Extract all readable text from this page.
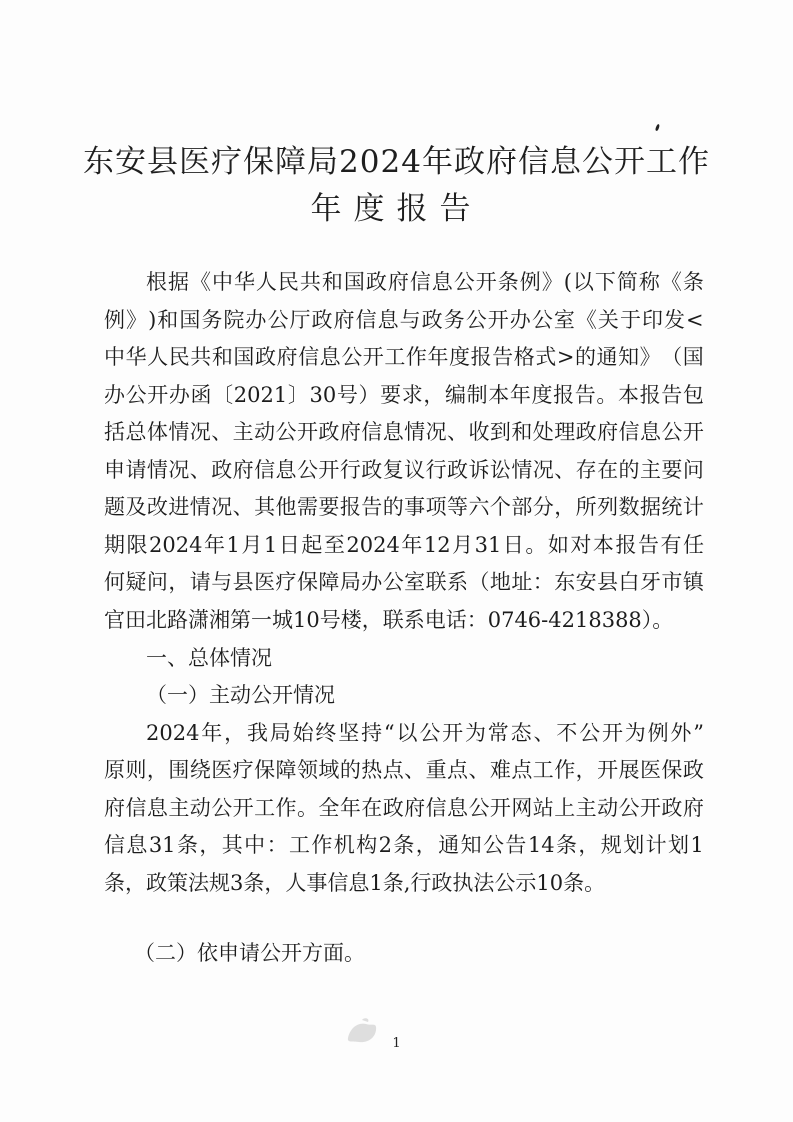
东安县医疗保障局2024年政府信息公开工作
年度报告
根 据 《 中 华 人 民 共 和 国 政 府 信 息 公 开 条 例 》 ( 以 下 简 称 《 条
例 》 ) 和 国 务 院 办 公 厅 政 府 信 息 与 政 务 公 开 办 公 室 《 关 于 印 发 <
中 华 人 民 共 和 国 政 府 信 息 公 开 工 作 年 度 报 告 格 式 > 的 通 知 》 （ 国
办 公 开 办 函 〔 2021 〕 30 号 ） 要 求 ， 编 制 本 年 度 报 告 。 本 报 告 包
括 总 体 情 况 、 主 动 公 开 政 府 信 息 情 况 、 收 到 和 处 理 政 府 信 息 公 开
申 请 情 况 、 政 府 信 息 公 开 行 政 复 议 行 政 诉 讼 情 况 、 存 在 的 主 要 问
题 及 改 进 情 况 、 其 他 需 要 报 告 的 事 项 等 六 个 部 分 ， 所 列 数 据 统 计
期 限 2024 年 1 月 1 日 起 至 2024 年 12 月 31 日 。 如 对 本 报 告 有 任
何 疑 问 ， 请 与 县 医 疗 保 障 局 办 公 室 联 系 （ 地 址 ： 东 安 县 白 牙 市 镇
官田北路潇湘第一城10号楼，联系电话：0746-4218388）。
一、总体情况
（一）主动公开情况
2024 年 ， 我 局 始 终 坚 持 “ 以 公 开 为 常 态 、 不 公 开 为 例 外 ”
原 则 ， 围 绕 医 疗 保 障 领 域 的 热 点 、 重 点 、 难 点 工 作 ， 开 展 医 保 政
府 信 息 主 动 公 开 工 作 。 全 年 在 政 府 信 息 公 开 网 站 上 主 动 公 开 政 府
信 息 31 条 ， 其 中 ： 工 作 机 构 2 条 ， 通 知 公 告 14 条 ， 规 划 计 划 1
条，政策法规3条，人事信息1条,行政执法公示10条。
（二）依申请公开方面。
1
